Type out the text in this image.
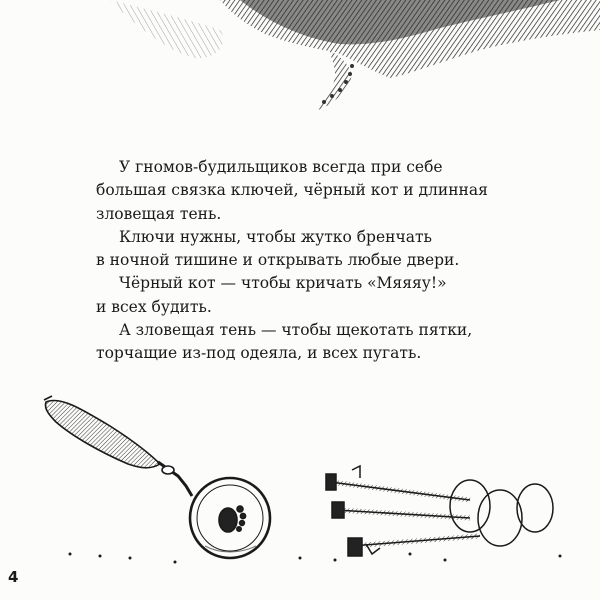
У гномов-будильщиков всегда при себе
большая связка ключей, чёрный кот и длинная
зловещая тень.

Ключи нужны, чтобы жутко бренчать
в ночной тишине и открывать любые двери.

Чёрный кот — чтобы кричать «Мяяяу!»
и всех будить.

А зловещая тень — чтобы щекотать пятки,
торчащие из-под одеяла, и всех пугать.

4
